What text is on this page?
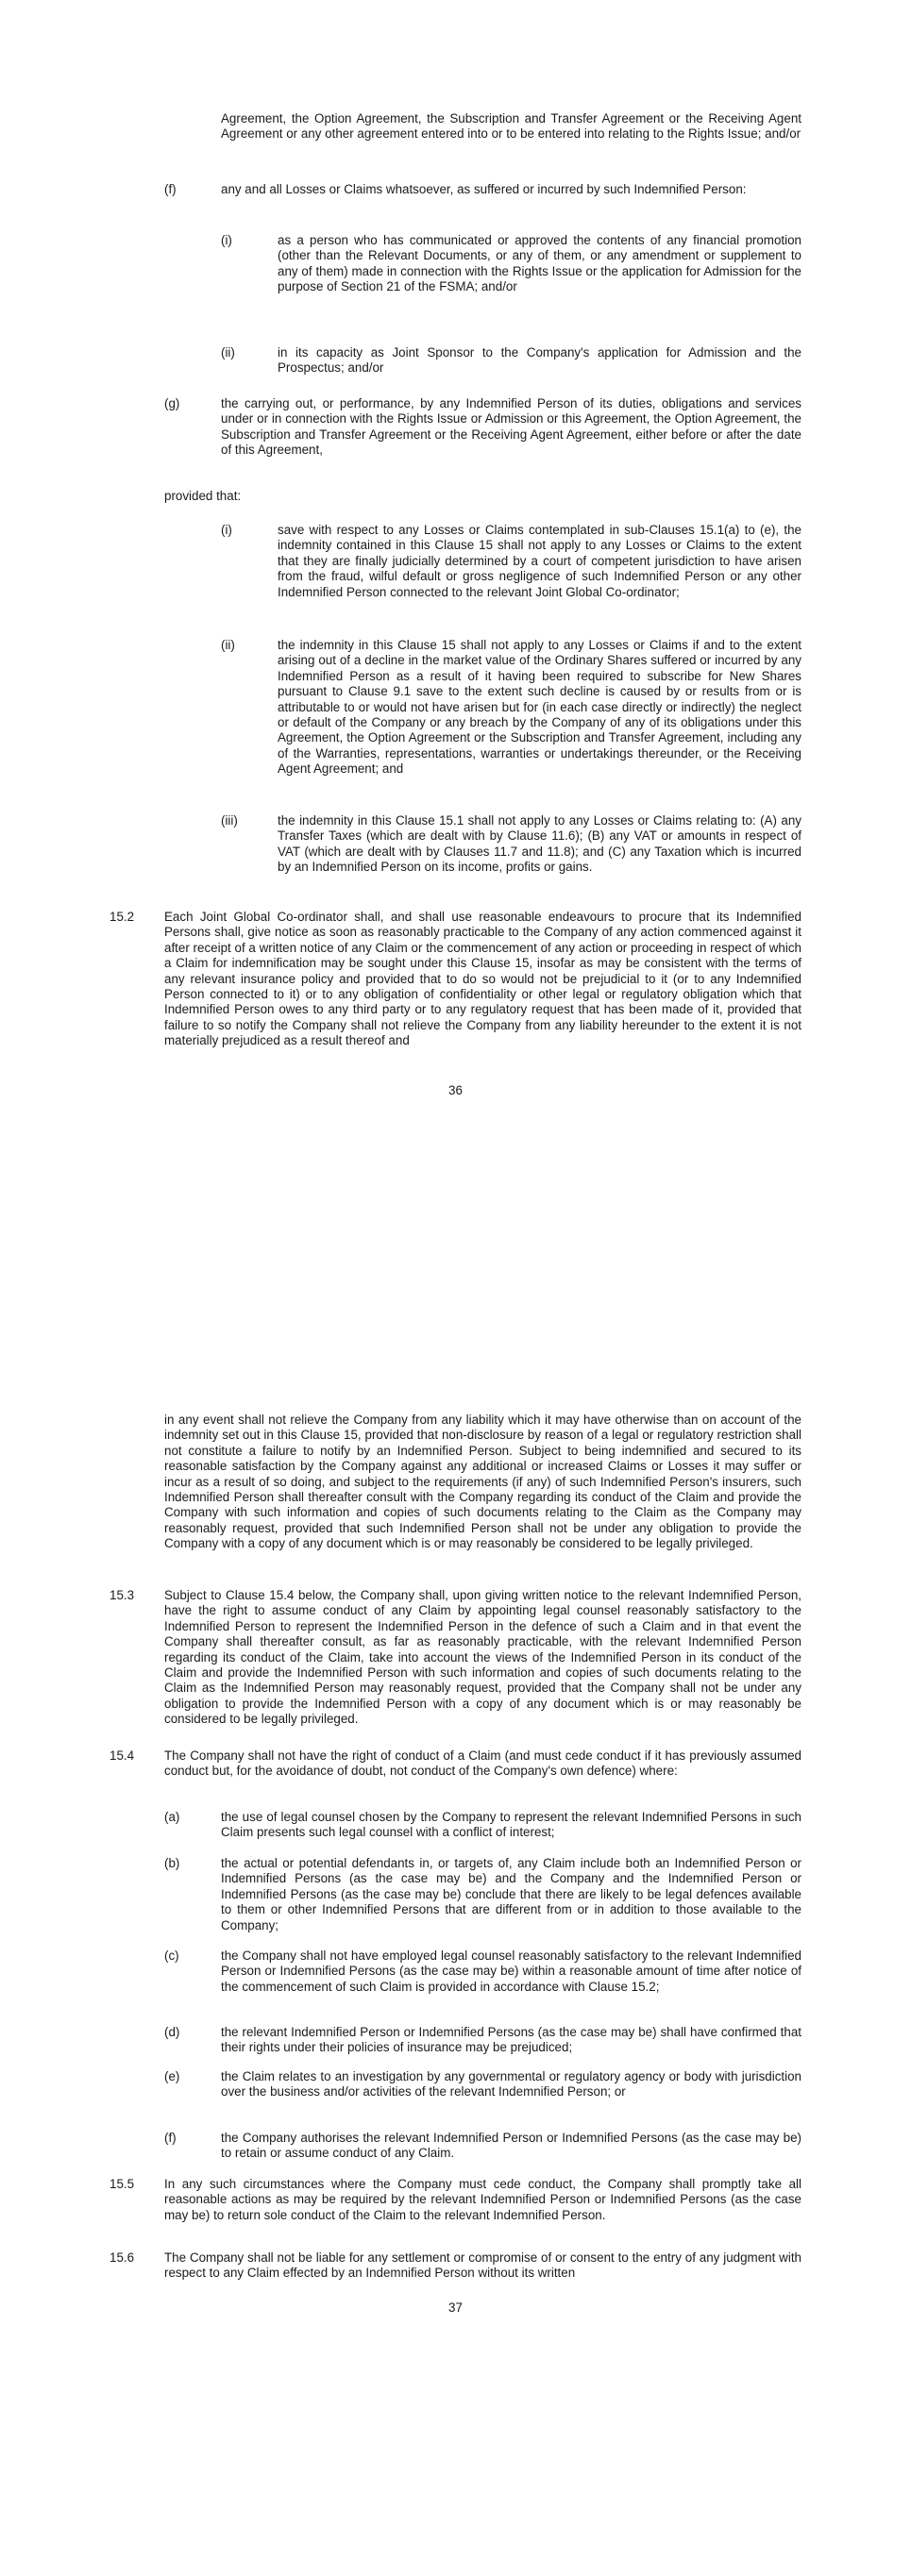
Agreement, the Option Agreement, the Subscription and Transfer Agreement or the Receiving Agent Agreement or any other agreement entered into or to be entered into relating to the Rights Issue; and/or

(f)	any and all Losses or Claims whatsoever, as suffered or incurred by such Indemnified Person:

(i)	as a person who has communicated or approved the contents of any financial promotion (other than the Relevant Documents, or any of them, or any amendment or supplement to any of them) made in connection with the Rights Issue or the application for Admission for the purpose of Section 21 of the FSMA; and/or

(ii)	in its capacity as Joint Sponsor to the Company's application for Admission and the Prospectus; and/or

(g)	the carrying out, or performance, by any Indemnified Person of its duties, obligations and services under or in connection with the Rights Issue or Admission or this Agreement, the Option Agreement, the Subscription and Transfer Agreement or the Receiving Agent Agreement, either before or after the date of this Agreement,

provided that:

(i)	save with respect to any Losses or Claims contemplated in sub-Clauses 15.1(a) to (e), the indemnity contained in this Clause 15 shall not apply to any Losses or Claims to the extent that they are finally judicially determined by a court of competent jurisdiction to have arisen from the fraud, wilful default or gross negligence of such Indemnified Person or any other Indemnified Person connected to the relevant Joint Global Co-ordinator;

(ii)	the indemnity in this Clause 15 shall not apply to any Losses or Claims if and to the extent arising out of a decline in the market value of the Ordinary Shares suffered or incurred by any Indemnified Person as a result of it having been required to subscribe for New Shares pursuant to Clause 9.1 save to the extent such decline is caused by or results from or is attributable to or would not have arisen but for (in each case directly or indirectly) the neglect or default of the Company or any breach by the Company of any of its obligations under this Agreement, the Option Agreement or the Subscription and Transfer Agreement, including any of the Warranties, representations, warranties or undertakings thereunder, or the Receiving Agent Agreement; and

(iii)	the indemnity in this Clause 15.1 shall not apply to any Losses or Claims relating to: (A) any Transfer Taxes (which are dealt with by Clause 11.6); (B) any VAT or amounts in respect of VAT (which are dealt with by Clauses 11.7 and 11.8); and (C) any Taxation which is incurred by an Indemnified Person on its income, profits or gains.

15.2 Each Joint Global Co-ordinator shall, and shall use reasonable endeavours to procure that its Indemnified Persons shall, give notice as soon as reasonably practicable to the Company of any action commenced against it after receipt of a written notice of any Claim or the commencement of any action or proceeding in respect of which a Claim for indemnification may be sought under this Clause 15, insofar as may be consistent with the terms of any relevant insurance policy and provided that to do so would not be prejudicial to it (or to any Indemnified Person connected to it) or to any obligation of confidentiality or other legal or regulatory obligation which that Indemnified Person owes to any third party or to any regulatory request that has been made of it, provided that failure to so notify the Company shall not relieve the Company from any liability hereunder to the extent it is not materially prejudiced as a result thereof and

36

in any event shall not relieve the Company from any liability which it may have otherwise than on account of the indemnity set out in this Clause 15, provided that non-disclosure by reason of a legal or regulatory restriction shall not constitute a failure to notify by an Indemnified Person. Subject to being indemnified and secured to its reasonable satisfaction by the Company against any additional or increased Claims or Losses it may suffer or incur as a result of so doing, and subject to the requirements (if any) of such Indemnified Person's insurers, such Indemnified Person shall thereafter consult with the Company regarding its conduct of the Claim and provide the Company with such information and copies of such documents relating to the Claim as the Company may reasonably request, provided that such Indemnified Person shall not be under any obligation to provide the Company with a copy of any document which is or may reasonably be considered to be legally privileged.

15.3 Subject to Clause 15.4 below, the Company shall, upon giving written notice to the relevant Indemnified Person, have the right to assume conduct of any Claim by appointing legal counsel reasonably satisfactory to the Indemnified Person to represent the Indemnified Person in the defence of such a Claim and in that event the Company shall thereafter consult, as far as reasonably practicable, with the relevant Indemnified Person regarding its conduct of the Claim, take into account the views of the Indemnified Person in its conduct of the Claim and provide the Indemnified Person with such information and copies of such documents relating to the Claim as the Indemnified Person may reasonably request, provided that the Company shall not be under any obligation to provide the Indemnified Person with a copy of any document which is or may reasonably be considered to be legally privileged.

15.4 The Company shall not have the right of conduct of a Claim (and must cede conduct if it has previously assumed conduct but, for the avoidance of doubt, not conduct of the Company's own defence) where:

(a)	the use of legal counsel chosen by the Company to represent the relevant Indemnified Persons in such Claim presents such legal counsel with a conflict of interest;

(b)	the actual or potential defendants in, or targets of, any Claim include both an Indemnified Person or Indemnified Persons (as the case may be) and the Company and the Indemnified Person or Indemnified Persons (as the case may be) conclude that there are likely to be legal defences available to them or other Indemnified Persons that are different from or in addition to those available to the Company;

(c)	the Company shall not have employed legal counsel reasonably satisfactory to the relevant Indemnified Person or Indemnified Persons (as the case may be) within a reasonable amount of time after notice of the commencement of such Claim is provided in accordance with Clause 15.2;

(d)	the relevant Indemnified Person or Indemnified Persons (as the case may be) shall have confirmed that their rights under their policies of insurance may be prejudiced;

(e)	the Claim relates to an investigation by any governmental or regulatory agency or body with jurisdiction over the business and/or activities of the relevant Indemnified Person; or

(f)	the Company authorises the relevant Indemnified Person or Indemnified Persons (as the case may be) to retain or assume conduct of any Claim.

15.5 In any such circumstances where the Company must cede conduct, the Company shall promptly take all reasonable actions as may be required by the relevant Indemnified Person or Indemnified Persons (as the case may be) to return sole conduct of the Claim to the relevant Indemnified Person.

15.6 The Company shall not be liable for any settlement or compromise of or consent to the entry of any judgment with respect to any Claim effected by an Indemnified Person without its written

37
